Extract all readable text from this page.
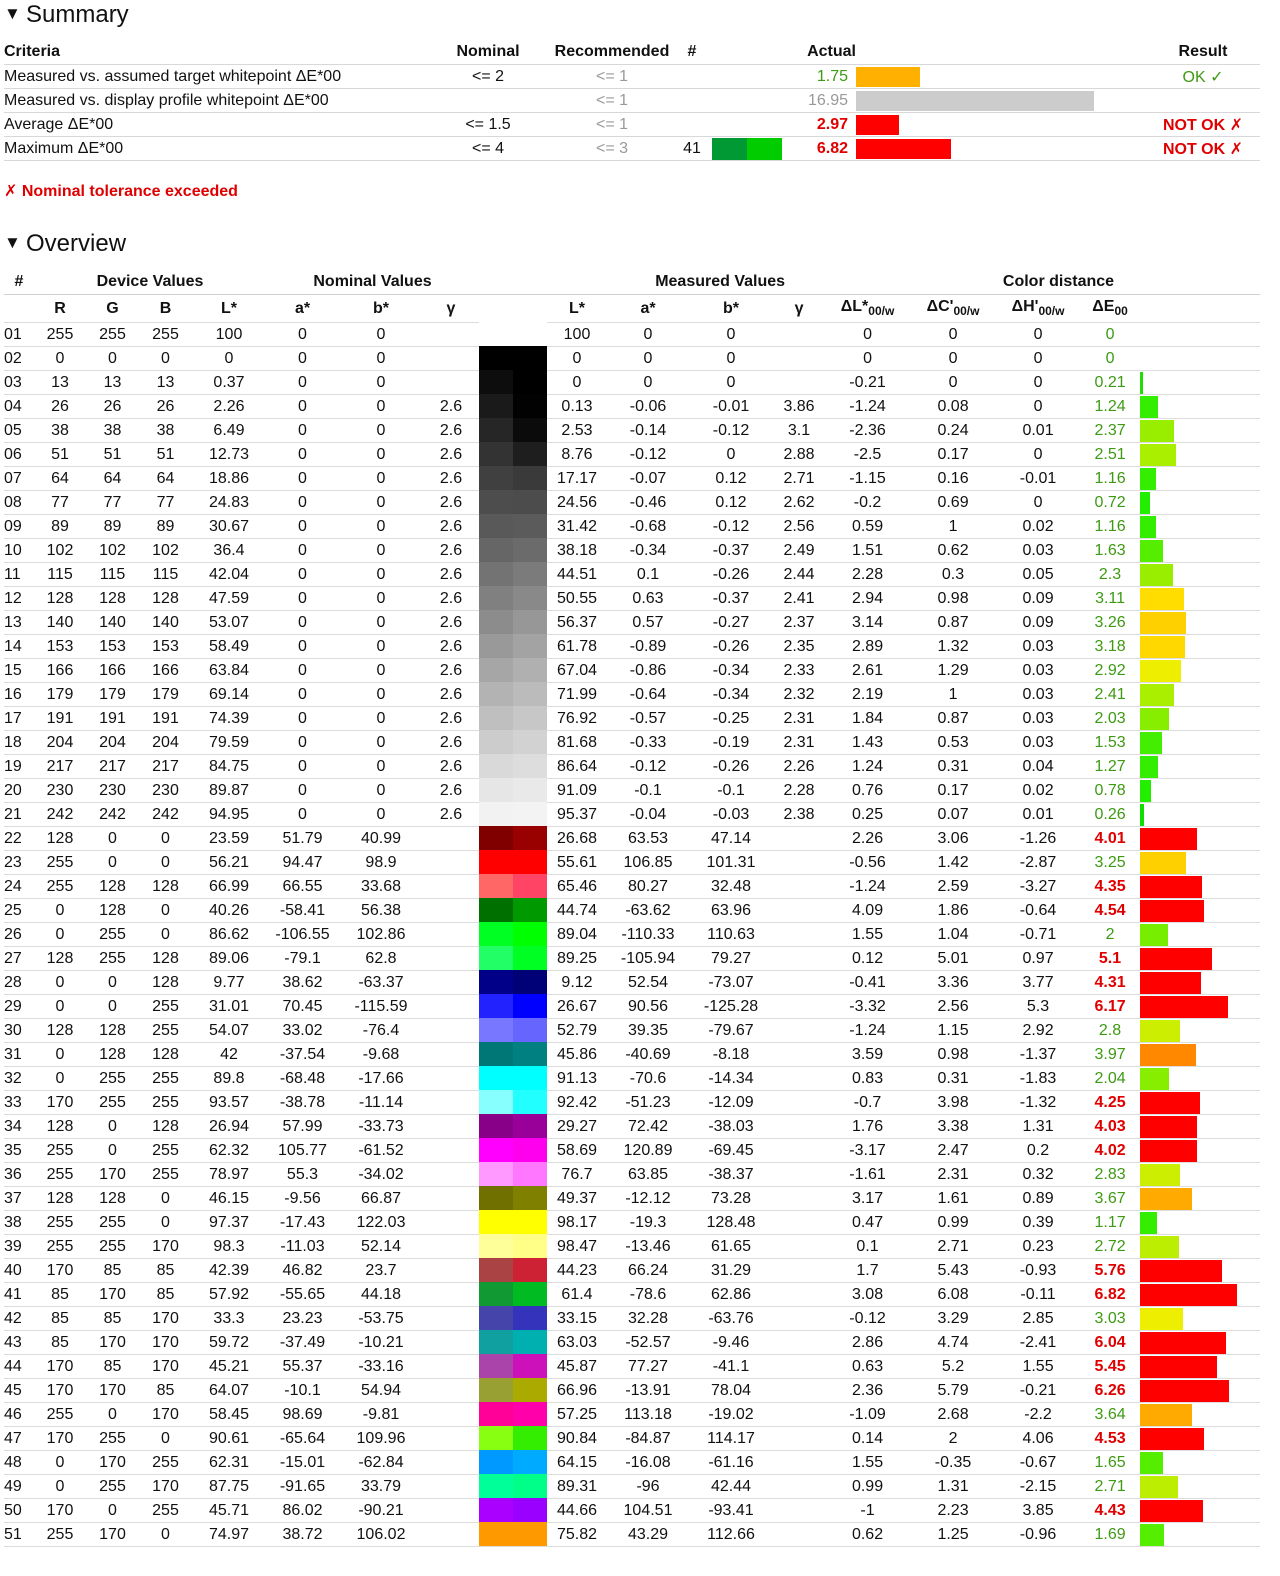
▼ Summary
Criteria	Nominal	Recommended	#		Actual		Result
Measured vs. assumed target whitepoint ΔE*00	<= 2	<= 1			1.75		OK ✓
Measured vs. display profile whitepoint ΔE*00		<= 1			16.95	

Average ΔE*00	<= 1.5	<= 1			2.97		NOT OK ✗
Maximum ΔE*00	<= 4	<= 3	41		6.82		NOT OK ✗
✗ Nominal tolerance exceeded
▼ Overview
#	Device Values				Nominal Values				Measured Values				Color distance				
	R	G	B	L*	a*	b*	γ		L*	a*	b*	γ	$\Delta L*_{00/w}$	$\Delta C'_{00/w}$	$\Delta H'_{00/w}$	$\Delta E_{00}$	
01	255	255	255	100	0	0			100	0	0		0	0	0	0	
02	0	0	0	0	0	0			0	0	0		0	0	0	0	
03	13	13	13	0.37	0	0			0	0	0		-0.21	0	0	0.21	

04	26	26	26	2.26	0	0	2.6		0.13	-0.06	-0.01	3.86	-1.24	0.08	0	1.24	

05	38	38	38	6.49	0	0	2.6		2.53	-0.14	-0.12	3.1	-2.36	0.24	0.01	2.37	

06	51	51	51	12.73	0	0	2.6		8.76	-0.12	0	2.88	-2.5	0.17	0	2.51	

07	64	64	64	18.86	0	0	2.6		17.17	-0.07	0.12	2.71	-1.15	0.16	-0.01	1.16	

08	77	77	77	24.83	0	0	2.6		24.56	-0.46	0.12	2.62	-0.2	0.69	0	0.72	

09	89	89	89	30.67	0	0	2.6		31.42	-0.68	-0.12	2.56	0.59	1	0.02	1.16	

10	102	102	102	36.4	0	0	2.6		38.18	-0.34	-0.37	2.49	1.51	0.62	0.03	1.63	

11	115	115	115	42.04	0	0	2.6		44.51	0.1	-0.26	2.44	2.28	0.3	0.05	2.3	

12	128	128	128	47.59	0	0	2.6		50.55	0.63	-0.37	2.41	2.94	0.98	0.09	3.11	

13	140	140	140	53.07	0	0	2.6		56.37	0.57	-0.27	2.37	3.14	0.87	0.09	3.26	

14	153	153	153	58.49	0	0	2.6		61.78	-0.89	-0.26	2.35	2.89	1.32	0.03	3.18	

15	166	166	166	63.84	0	0	2.6		67.04	-0.86	-0.34	2.33	2.61	1.29	0.03	2.92	

16	179	179	179	69.14	0	0	2.6		71.99	-0.64	-0.34	2.32	2.19	1	0.03	2.41	

17	191	191	191	74.39	0	0	2.6		76.92	-0.57	-0.25	2.31	1.84	0.87	0.03	2.03	

18	204	204	204	79.59	0	0	2.6		81.68	-0.33	-0.19	2.31	1.43	0.53	0.03	1.53	

19	217	217	217	84.75	0	0	2.6		86.64	-0.12	-0.26	2.26	1.24	0.31	0.04	1.27	

20	230	230	230	89.87	0	0	2.6		91.09	-0.1	-0.1	2.28	0.76	0.17	0.02	0.78	

21	242	242	242	94.95	0	0	2.6		95.37	-0.04	-0.03	2.38	0.25	0.07	0.01	0.26	

22	128	0	0	23.59	51.79	40.99			26.68	63.53	47.14		2.26	3.06	-1.26	4.01	

23	255	0	0	56.21	94.47	98.9			55.61	106.85	101.31		-0.56	1.42	-2.87	3.25	

24	255	128	128	66.99	66.55	33.68			65.46	80.27	32.48		-1.24	2.59	-3.27	4.35	

25	0	128	0	40.26	-58.41	56.38			44.74	-63.62	63.96		4.09	1.86	-0.64	4.54	

26	0	255	0	86.62	-106.55	102.86			89.04	-110.33	110.63		1.55	1.04	-0.71	2	

27	128	255	128	89.06	-79.1	62.8			89.25	-105.94	79.27		0.12	5.01	0.97	5.1	

28	0	0	128	9.77	38.62	-63.37			9.12	52.54	-73.07		-0.41	3.36	3.77	4.31	

29	0	0	255	31.01	70.45	-115.59			26.67	90.56	-125.28		-3.32	2.56	5.3	6.17	

30	128	128	255	54.07	33.02	-76.4			52.79	39.35	-79.67		-1.24	1.15	2.92	2.8	

31	0	128	128	42	-37.54	-9.68			45.86	-40.69	-8.18		3.59	0.98	-1.37	3.97	

32	0	255	255	89.8	-68.48	-17.66			91.13	-70.6	-14.34		0.83	0.31	-1.83	2.04	

33	170	255	255	93.57	-38.78	-11.14			92.42	-51.23	-12.09		-0.7	3.98	-1.32	4.25	

34	128	0	128	26.94	57.99	-33.73			29.27	72.42	-38.03		1.76	3.38	1.31	4.03	

35	255	0	255	62.32	105.77	-61.52			58.69	120.89	-69.45		-3.17	2.47	0.2	4.02	

36	255	170	255	78.97	55.3	-34.02			76.7	63.85	-38.37		-1.61	2.31	0.32	2.83	

37	128	128	0	46.15	-9.56	66.87			49.37	-12.12	73.28		3.17	1.61	0.89	3.67	

38	255	255	0	97.37	-17.43	122.03			98.17	-19.3	128.48		0.47	0.99	0.39	1.17	

39	255	255	170	98.3	-11.03	52.14			98.47	-13.46	61.65		0.1	2.71	0.23	2.72	

40	170	85	85	42.39	46.82	23.7			44.23	66.24	31.29		1.7	5.43	-0.93	5.76	

41	85	170	85	57.92	-55.65	44.18			61.4	-78.6	62.86		3.08	6.08	-0.11	6.82	

42	85	85	170	33.3	23.23	-53.75			33.15	32.28	-63.76		-0.12	3.29	2.85	3.03	

43	85	170	170	59.72	-37.49	-10.21			63.03	-52.57	-9.46		2.86	4.74	-2.41	6.04	

44	170	85	170	45.21	55.37	-33.16			45.87	77.27	-41.1		0.63	5.2	1.55	5.45	

45	170	170	85	64.07	-10.1	54.94			66.96	-13.91	78.04		2.36	5.79	-0.21	6.26	

46	255	0	170	58.45	98.69	-9.81			57.25	113.18	-19.02		-1.09	2.68	-2.2	3.64	

47	170	255	0	90.61	-65.64	109.96			90.84	-84.87	114.17		0.14	2	4.06	4.53	

48	0	170	255	62.31	-15.01	-62.84			64.15	-16.08	-61.16		1.55	-0.35	-0.67	1.65	

49	0	255	170	87.75	-91.65	33.79			89.31	-96	42.44		0.99	1.31	-2.15	2.71	

50	170	0	255	45.71	86.02	-90.21			44.66	104.51	-93.41		-1	2.23	3.85	4.43	

51	255	170	0	74.97	38.72	106.02			75.82	43.29	112.66		0.62	1.25	-0.96	1.69	
